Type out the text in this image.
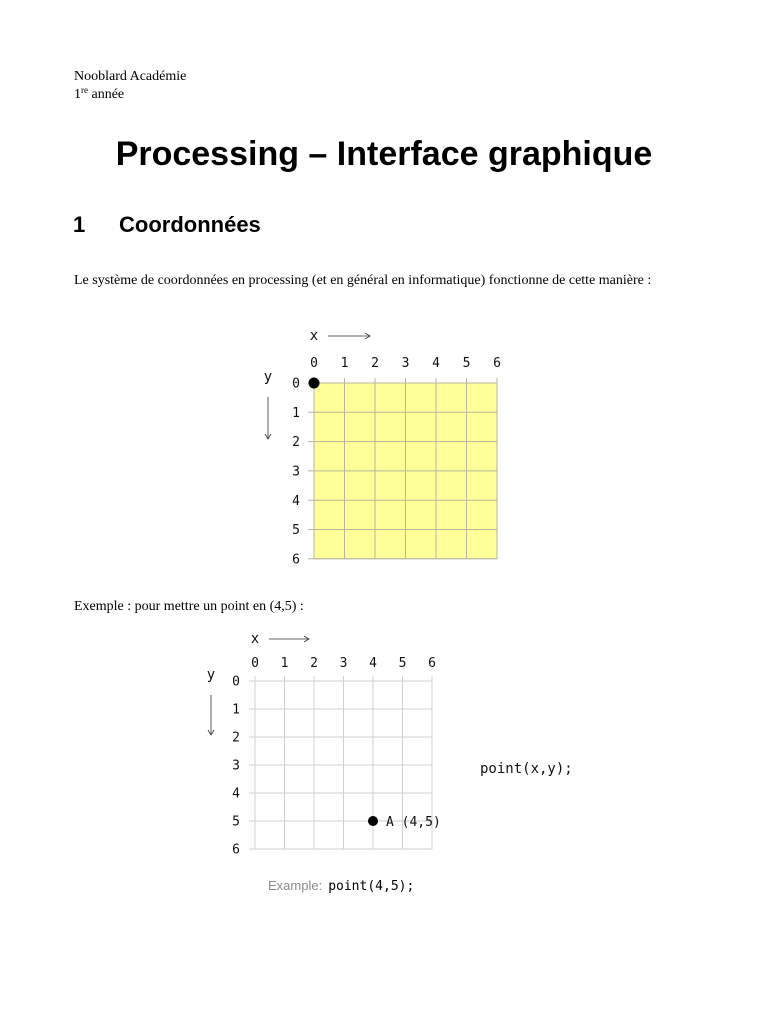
Nooblard Académie
1re année
Processing – Interface graphique
1 Coordonnées

Le système de coordonnées en processing (et en général en informatique) fonctionne de cette manière :

0 1 2 3 4 5 6
0
1
2
3
4
5
6
x
y

Exemple : pour mettre un point en (4,5) :

0 1 2 3 4 5 6
0
1
2
3
4
5
6
x
y
A (4,5)
point(x,y);
Example: point(4,5);
